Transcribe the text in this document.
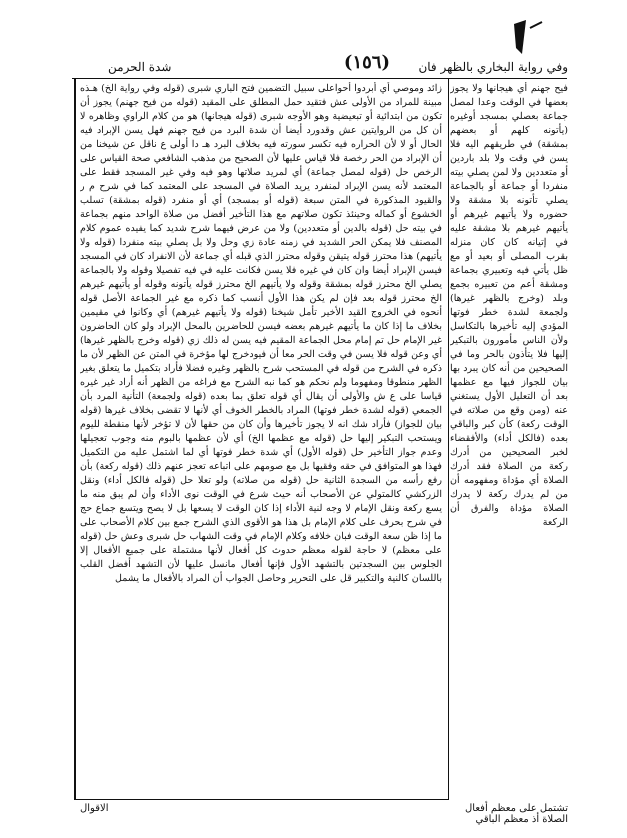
وفي رواية البخاري بالظهر فان
(١٥٦)
شدة الحرمن

زائد وموصي أي أبردوا أحواعلى سبيل التضمين فتح الباري شبرى (قوله وفي رواية الخ) هـذه مبينة للمراد من الأولى عش فتقيد حمل المطلق على المقيد (قوله من فيح جهنم) يجوز أن تكون من ابتدائية أو تبعيضية وهو الأوجه شبرى (قوله هيجانها) هو من كلام الراوي وظاهره لا أن كل من الروايتين عش وقدورد أيضا أن شدة البرد من فيح جهنم فهل يسن الإبراد فيه الحال أو لا لأن الحراره فيه تكسر سورته فيه بخلاف البرد هـ دا أولى ع ناقل عن شيخنا من أن الإبراد من الحر رخصة فلا قياس عليها لأن الصحيح من مذهب الشافعي صحة القياس على الرخص حل (قوله لمصل جماعة) أي لمريد صلاتها وهو فيه وفي غير المسجد فقط على المعتمد لأنه يسن الإبراد لمنفرد يريد الصلاة في المسجد على المعتمد كما في شرح م ر والقيود المذكورة في المتن سبعة (قوله أو بمسجد) أي أو منفرد (قوله بمشقة) تسلب الخشوع أو كماله وحينئذ تكون صلاتهم مع هذا التأخير أفضل من صلاة الواحد منهم بجماعة في بيته حل (قوله بالدين أو متعددين) ولا من عرض فيهما شرح شديد كما يفيده عموم كلام المصنف فلا يمكن الحر الشديد في زمنه عادة زي وحل ولا بل يصلي بيته منفردا (قوله ولا يأتيهم) هذا محترز قوله يتيقن وقوله محترز الذي قبله أي جماعة لأن الانفراد كان في المسجد فيسن الإبراد أيضا وان كان في غيره فلا يسن فكانت عليه في فيه تفصيلا وقوله ولا بالجماعة يصلي الخ محترز قوله بمشقة وقوله ولا يأتيهم الخ محترز قوله يأتونه وقوله أو يأتيهم غيرهم الخ محترز قوله بعد فإن لم يكن هذا الأول أنسب كما ذكره مع غير الجماعة الأصل قوله أنحوه في الخروج القيد الأخير تأمل شيخنا (قوله ولا يأتيهم غيرهم) أي وكانوا في مقيمين بخلاف ما إذا كان ما يأتيهم غيرهم بعضه فيسن للحاضرين بالمحل الإبراد ولو كان الحاضرون غير الإمام حل تم إمام محل الجماعة المقيم فيه يسن له ذلك زي (قوله وخرج بالظهر غيرها) أي وعن قوله فلا يسن في وقت الحر معا أن فيودخرج لها مؤخرة في المتن عن الظهر لأن ما ذكره في الشرح من قوله في المستحب شرح بالظهر وغيره فضلا فأراد بتكميل ما يتعلق بغير الظهر منطوقا ومفهوما ولم نحكم هو كما نبه الشرح مع فراغه من الظهر أنه أراد غير غيره قياسا على ع ش والأولى أن يقال أي قوله تعلق بما بعده (قوله ولجمعة) التأنية المرد بأن الجمعي (قوله لشدة خطر فوتها) المراد بالخطر الخوف أي لأنها لا تقضى بخلاف غيرها (قوله بيان للجواز) فأراد شك انه لا يجوز تأخيرها وأن كان من حقها لأن لا تؤخر لأنها منقطة لليوم ويستحب التبكير إليها حل (قوله مع عظمها الخ) أي لأن عظمها بالبوم منه وجوب تعجيلها وعدم جواز التأخير حل (قوله الأول) أي شدة خطر فوتها أي لما اشتمل عليه من التكميل فهذا هو المتوافق في حقه وفقيها بل مع صومهم على اتباعه تعجز عنهم ذلك (قوله ركعة) بأن رفع رأسه من السجدة الثانية حل (قوله من صلاته) ولو تعلا حل (قوله فالكل أداء) ونقل الزركشي كالمتولي عن الأصحاب أنه حيث شرع في الوقت نوى الأداء وأن لم يبق منه ما يسع ركعة ونقل الإمام لا وجه لنية الأداء إذا كان الوقت لا يسعها بل لا يصح ويتسع جماع حج في شرح بحرف على كلام الإمام بل هذا هو الأقوى الذي الشرح جمع بين كلام الأصحاب على ما إذا ظن سعة الوقت فبان خلافه وكلام الإمام في وقت الشهاب حل شبرى وعش حل (قوله على معظم) لا حاجة لقوله معظم حدوث كل أفعال لأنها مشتملة على جميع الأفعال إلا الجلوس بين السجدتين بالتشهد الأول فإنها أفعال مانسل عليها لأن التشهد أفضل القلب باللسان كالنية والتكبير قل على التحرير وحاصل الجواب أن المراد بالأفعال ما يشمل

فيح جهنم أي هيجانها ولا يجوز بعضها في الوقت وعدا لمصل جماعة بعصلي بمسجد أوغيره (يأتونه كلهم أو بعضهم بمشقة) في طريقهم اليه فلا يسن في وقت ولا بلد باردين أو متعددين ولا لمن يصلي بيته منفردا أو جماعة أو بالجماعة يصلي تأتونه بلا مشقة ولا حضوره ولا يأتيهم غيرهم أو يأتيهم غيرهم بلا مشقة عليه في إتيانه كان كان منزله بقرب المصلى أو بعيد أو مع ظل يأتي فيه وتعبيري بجماعة ومشقة أعم من تعبيره بجمع وبلد (وخرج بالظهر غيرها) ولجمعة لشدة خطر فوتها المؤدي إليه تأخيرها بالتكاسل ولأن الناس مأمورون بالتبكير إليها فلا يتأذون بالحر وما في الصحيحين من أنه كان يبرد بها بيان للجواز فيها مع عظمها بعد أن التعليل الأول يستغني عنه (ومن وقع من صلاته في الوقت ركعة) كأن كبر والباقي بعده (فالكل أداء) والأفقضاء لخبر الصحيحين من أدرك ركعة من الصلاة فقد أدرك الصلاة أي مؤداة ومفهومه أن من لم يدرك ركعة لا يدرك الصلاة مؤداة والفرق أن الركعة

الاقوال	تشتمل على معظم أفعال الصلاة أذ معظم الباقي
